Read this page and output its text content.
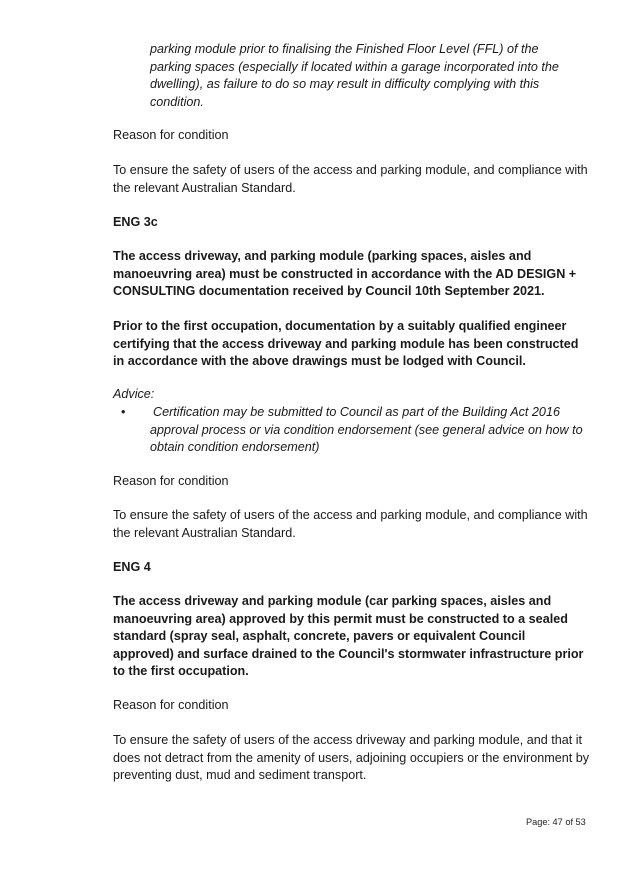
parking module prior to finalising the Finished Floor Level (FFL) of the

parking spaces (especially if located within a garage incorporated into the

dwelling), as failure to do so may result in difficulty complying with this

condition.

Reason for condition

To ensure the safety of users of the access and parking module, and compliance with

the relevant Australian Standard.

ENG 3c

The access driveway, and parking module (parking spaces, aisles and

manoeuvring area) must be constructed in accordance with the AD DESIGN +

CONSULTING documentation received by Council 10th September 2021.

Prior to the first occupation, documentation by a suitably qualified engineer

certifying that the access driveway and parking module has been constructed

in accordance with the above drawings must be lodged with Council.

Advice:

• Certification may be submitted to Council as part of the Building Act 2016

approval process or via condition endorsement (see general advice on how to

obtain condition endorsement)

Reason for condition

To ensure the safety of users of the access and parking module, and compliance with

the relevant Australian Standard.

ENG 4

The access driveway and parking module (car parking spaces, aisles and

manoeuvring area) approved by this permit must be constructed to a sealed

standard (spray seal, asphalt, concrete, pavers or equivalent Council

approved) and surface drained to the Council's stormwater infrastructure prior

to the first occupation.

Reason for condition

To ensure the safety of users of the access driveway and parking module, and that it

does not detract from the amenity of users, adjoining occupiers or the environment by

preventing dust, mud and sediment transport.

Page: 47 of 53
